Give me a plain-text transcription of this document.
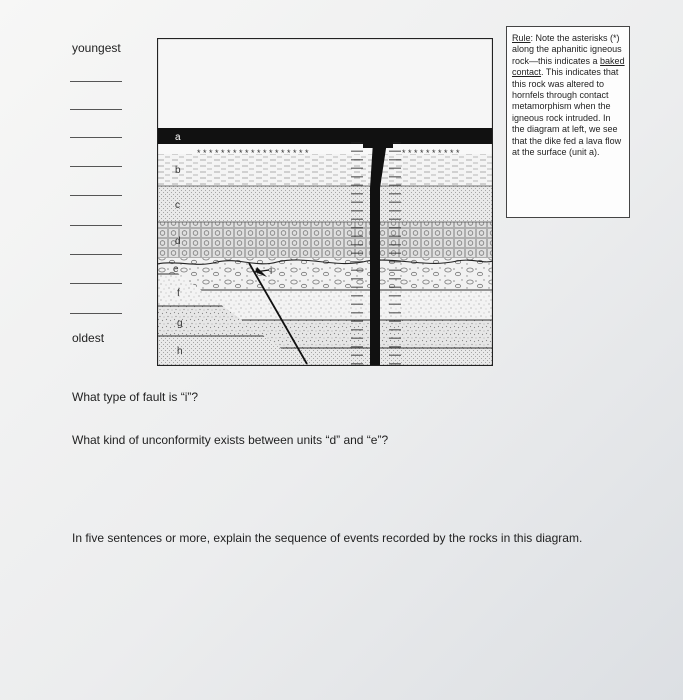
youngest
oldest
* * * * * * * * * * * * * * * * * * *	* * * * * * * * * *
a
b
c
d
e
f
g
h
i
Rule: Note the asterisks (*) along the aphanitic igneous rock—this indicates a baked contact. This indicates that this rock was altered to hornfels through contact metamorphism when the igneous rock intruded. In the diagram at left, we see that the dike fed a lava flow at the surface (unit a).
What type of fault is “i”?
What kind of unconformity exists between units “d” and “e”?
In five sentences or more, explain the sequence of events recorded by the rocks in this diagram.
